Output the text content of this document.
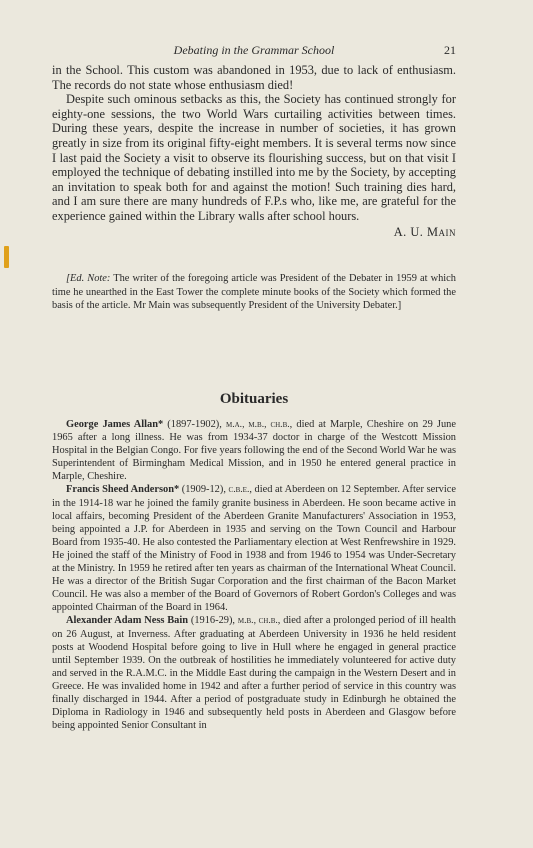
Debating in the Grammar School	21

in the School. This custom was abandoned in 1953, due to lack of enthusiasm. The records do not state whose enthusiasm died!

Despite such ominous setbacks as this, the Society has continued strongly for eighty-one sessions, the two World Wars curtailing activities between times. During these years, despite the increase in number of societies, it has grown greatly in size from its original fifty-eight members. It is several terms now since I last paid the Society a visit to observe its flourishing success, but on that visit I employed the technique of debating instilled into me by the Society, by accepting an invitation to speak both for and against the motion! Such training dies hard, and I am sure there are many hundreds of F.P.s who, like me, are grateful for the experience gained within the Library walls after school hours.

A. U. Main
[Ed. Note: The writer of the foregoing article was President of the Debater in 1959 at which time he unearthed in the East Tower the complete minute books of the Society which formed the basis of the article. Mr Main was subsequently President of the University Debater.]
Obituaries

George James Allan* (1897-1902), m.a., m.b., ch.b., died at Marple, Cheshire on 29 June 1965 after a long illness. He was from 1934-37 doctor in charge of the Westcott Mission Hospital in the Belgian Congo. For five years following the end of the Second World War he was Superintendent of Birmingham Medical Mission, and in 1950 he entered general practice in Marple, Cheshire.

Francis Sheed Anderson* (1909-12), c.b.e., died at Aberdeen on 12 September. After service in the 1914-18 war he joined the family granite business in Aberdeen. He soon became active in local affairs, becoming President of the Aberdeen Granite Manufacturers' Association in 1953, being appointed a J.P. for Aberdeen in 1935 and serving on the Town Council and Harbour Board from 1935-40. He also contested the Parliamentary election at West Renfrewshire in 1929. He joined the staff of the Ministry of Food in 1938 and from 1946 to 1954 was Under-Secretary at the Ministry. In 1959 he retired after ten years as chairman of the International Wheat Council. He was a director of the British Sugar Corporation and the first chairman of the Bacon Market Council. He was also a member of the Board of Governors of Robert Gordon's Colleges and was appointed Chairman of the Board in 1964.

Alexander Adam Ness Bain (1916-29), m.b., ch.b., died after a prolonged period of ill health on 26 August, at Inverness. After graduating at Aberdeen University in 1936 he held resident posts at Woodend Hospital before going to live in Hull where he engaged in general practice until September 1939. On the outbreak of hostilities he immediately volunteered for active duty and served in the R.A.M.C. in the Middle East during the campaign in the Western Desert and in Greece. He was invalided home in 1942 and after a further period of service in this country was finally discharged in 1944. After a period of postgraduate study in Edinburgh he obtained the Diploma in Radiology in 1946 and subsequently held posts in Aberdeen and Glasgow before being appointed Senior Consultant in
